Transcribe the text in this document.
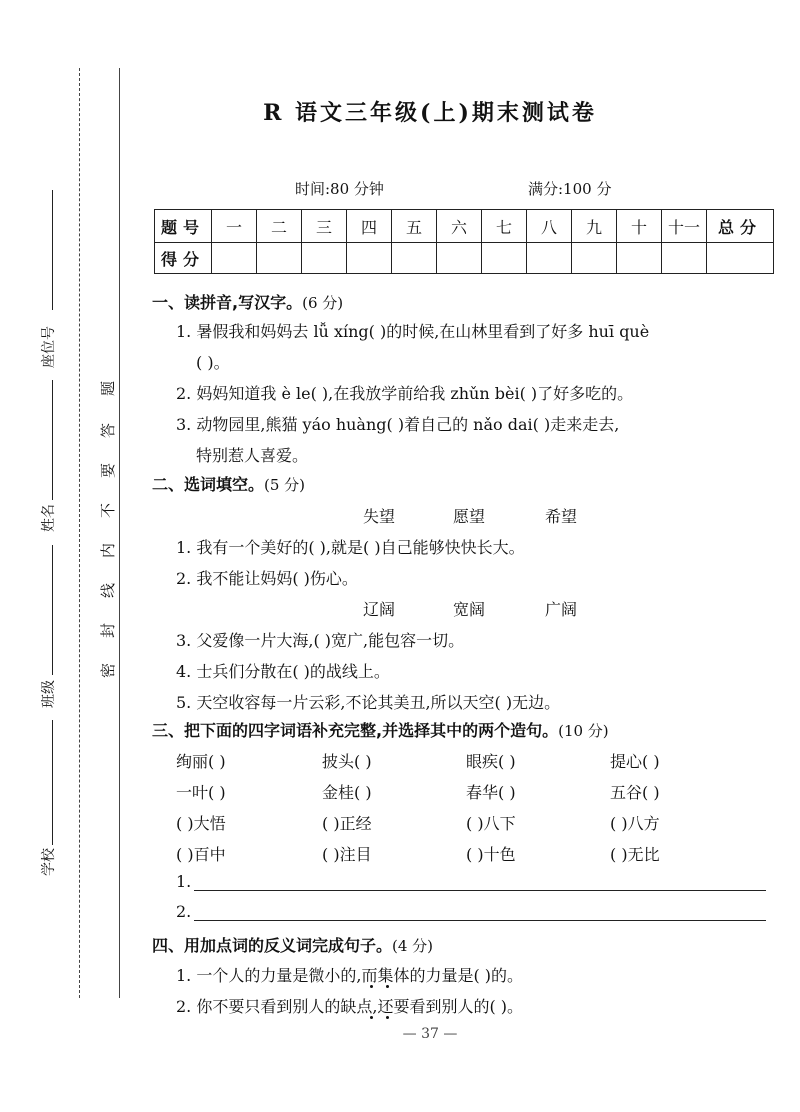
座位号
姓名
班级
学校
题
答
要
不
内
线
封
密
R 语文三年级(上)期末测试卷
时间:80 分钟	满分:100 分
题号	一	二	三	四	五	六	七	八	九	十	十一	总分
得分												
一、读拼音,写汉字。(6 分)
1. 暑假我和妈妈去 lǚ xíng( )的时候,在山林里看到了好多 huī què
( )。
2. 妈妈知道我 è le( ),在我放学前给我 zhǔn bèi( )了好多吃的。
3. 动物园里,熊猫 yáo huàng( )着自己的 nǎo dai( )走来走去,
特别惹人喜爱。
二、选词填空。(5 分)
失望	愿望	希望
1. 我有一个美好的( ),就是( )自己能够快快长大。
2. 我不能让妈妈( )伤心。
辽阔	宽阔	广阔
3. 父爱像一片大海,( )宽广,能包容一切。
4. 士兵们分散在( )的战线上。
5. 天空收容每一片云彩,不论其美丑,所以天空( )无边。
三、把下面的四字词语补充完整,并选择其中的两个造句。(10 分)
绚丽( )	披头( )	眼疾( )	提心( )
一叶( )	金桂( )	春华( )	五谷( )
( )大悟	( )正经	( )八下	( )八方
( )百中	( )注目	( )十色	( )无比
1.
2.
四、用加点词的反义词完成句子。(4 分)
1. 一个人的力量是微小的,而集体的力量是( )的。
2. 你不要只看到别人的缺点,还要看到别人的( )。
— 37 —
